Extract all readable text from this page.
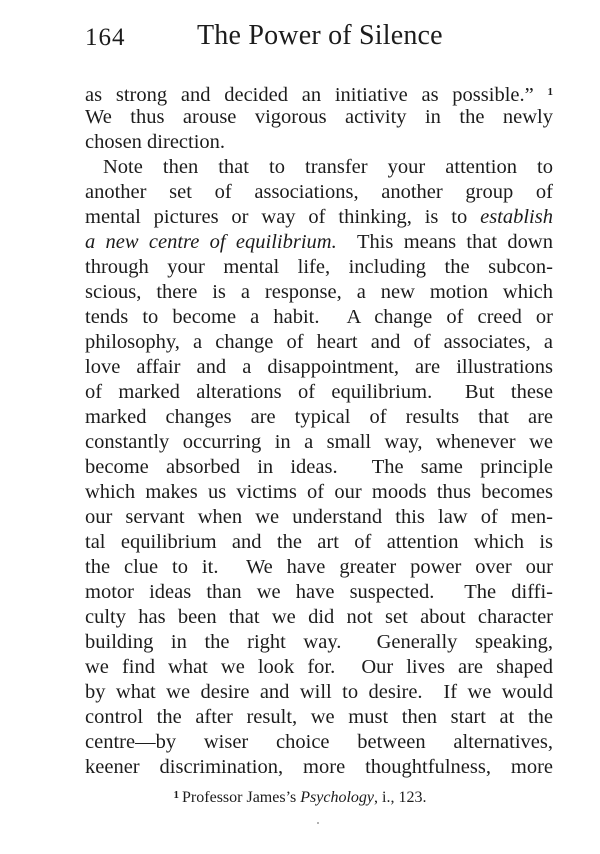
164	The Power of Silence
as strong and decided an initiative as possible.” $^1$
We thus arouse vigorous activity in the newly
chosen direction.
Note then that to transfer your attention to
another set of associations, another group of
mental pictures or way of thinking, is to establish
a new centre of equilibrium.  This means that down
through your mental life, including the subcon-
scious, there is a response, a new motion which
tends to become a habit.  A change of creed or
philosophy, a change of heart and of associates, a
love affair and a disappointment, are illustrations
of marked alterations of equilibrium.  But these
marked changes are typical of results that are
constantly occurring in a small way, whenever we
become absorbed in ideas.  The same principle
which makes us victims of our moods thus becomes
our servant when we understand this law of men-
tal equilibrium and the art of attention which is
the clue to it.  We have greater power over our
motor ideas than we have suspected.  The diffi-
culty has been that we did not set about character
building in the right way.  Generally speaking,
we find what we look for.  Our lives are shaped
by what we desire and will to desire.  If we would
control the after result, we must then start at the
centre—by wiser choice between alternatives,
keener discrimination, more thoughtfulness, more
$^1$ Professor James’s Psychology, i., 123.
